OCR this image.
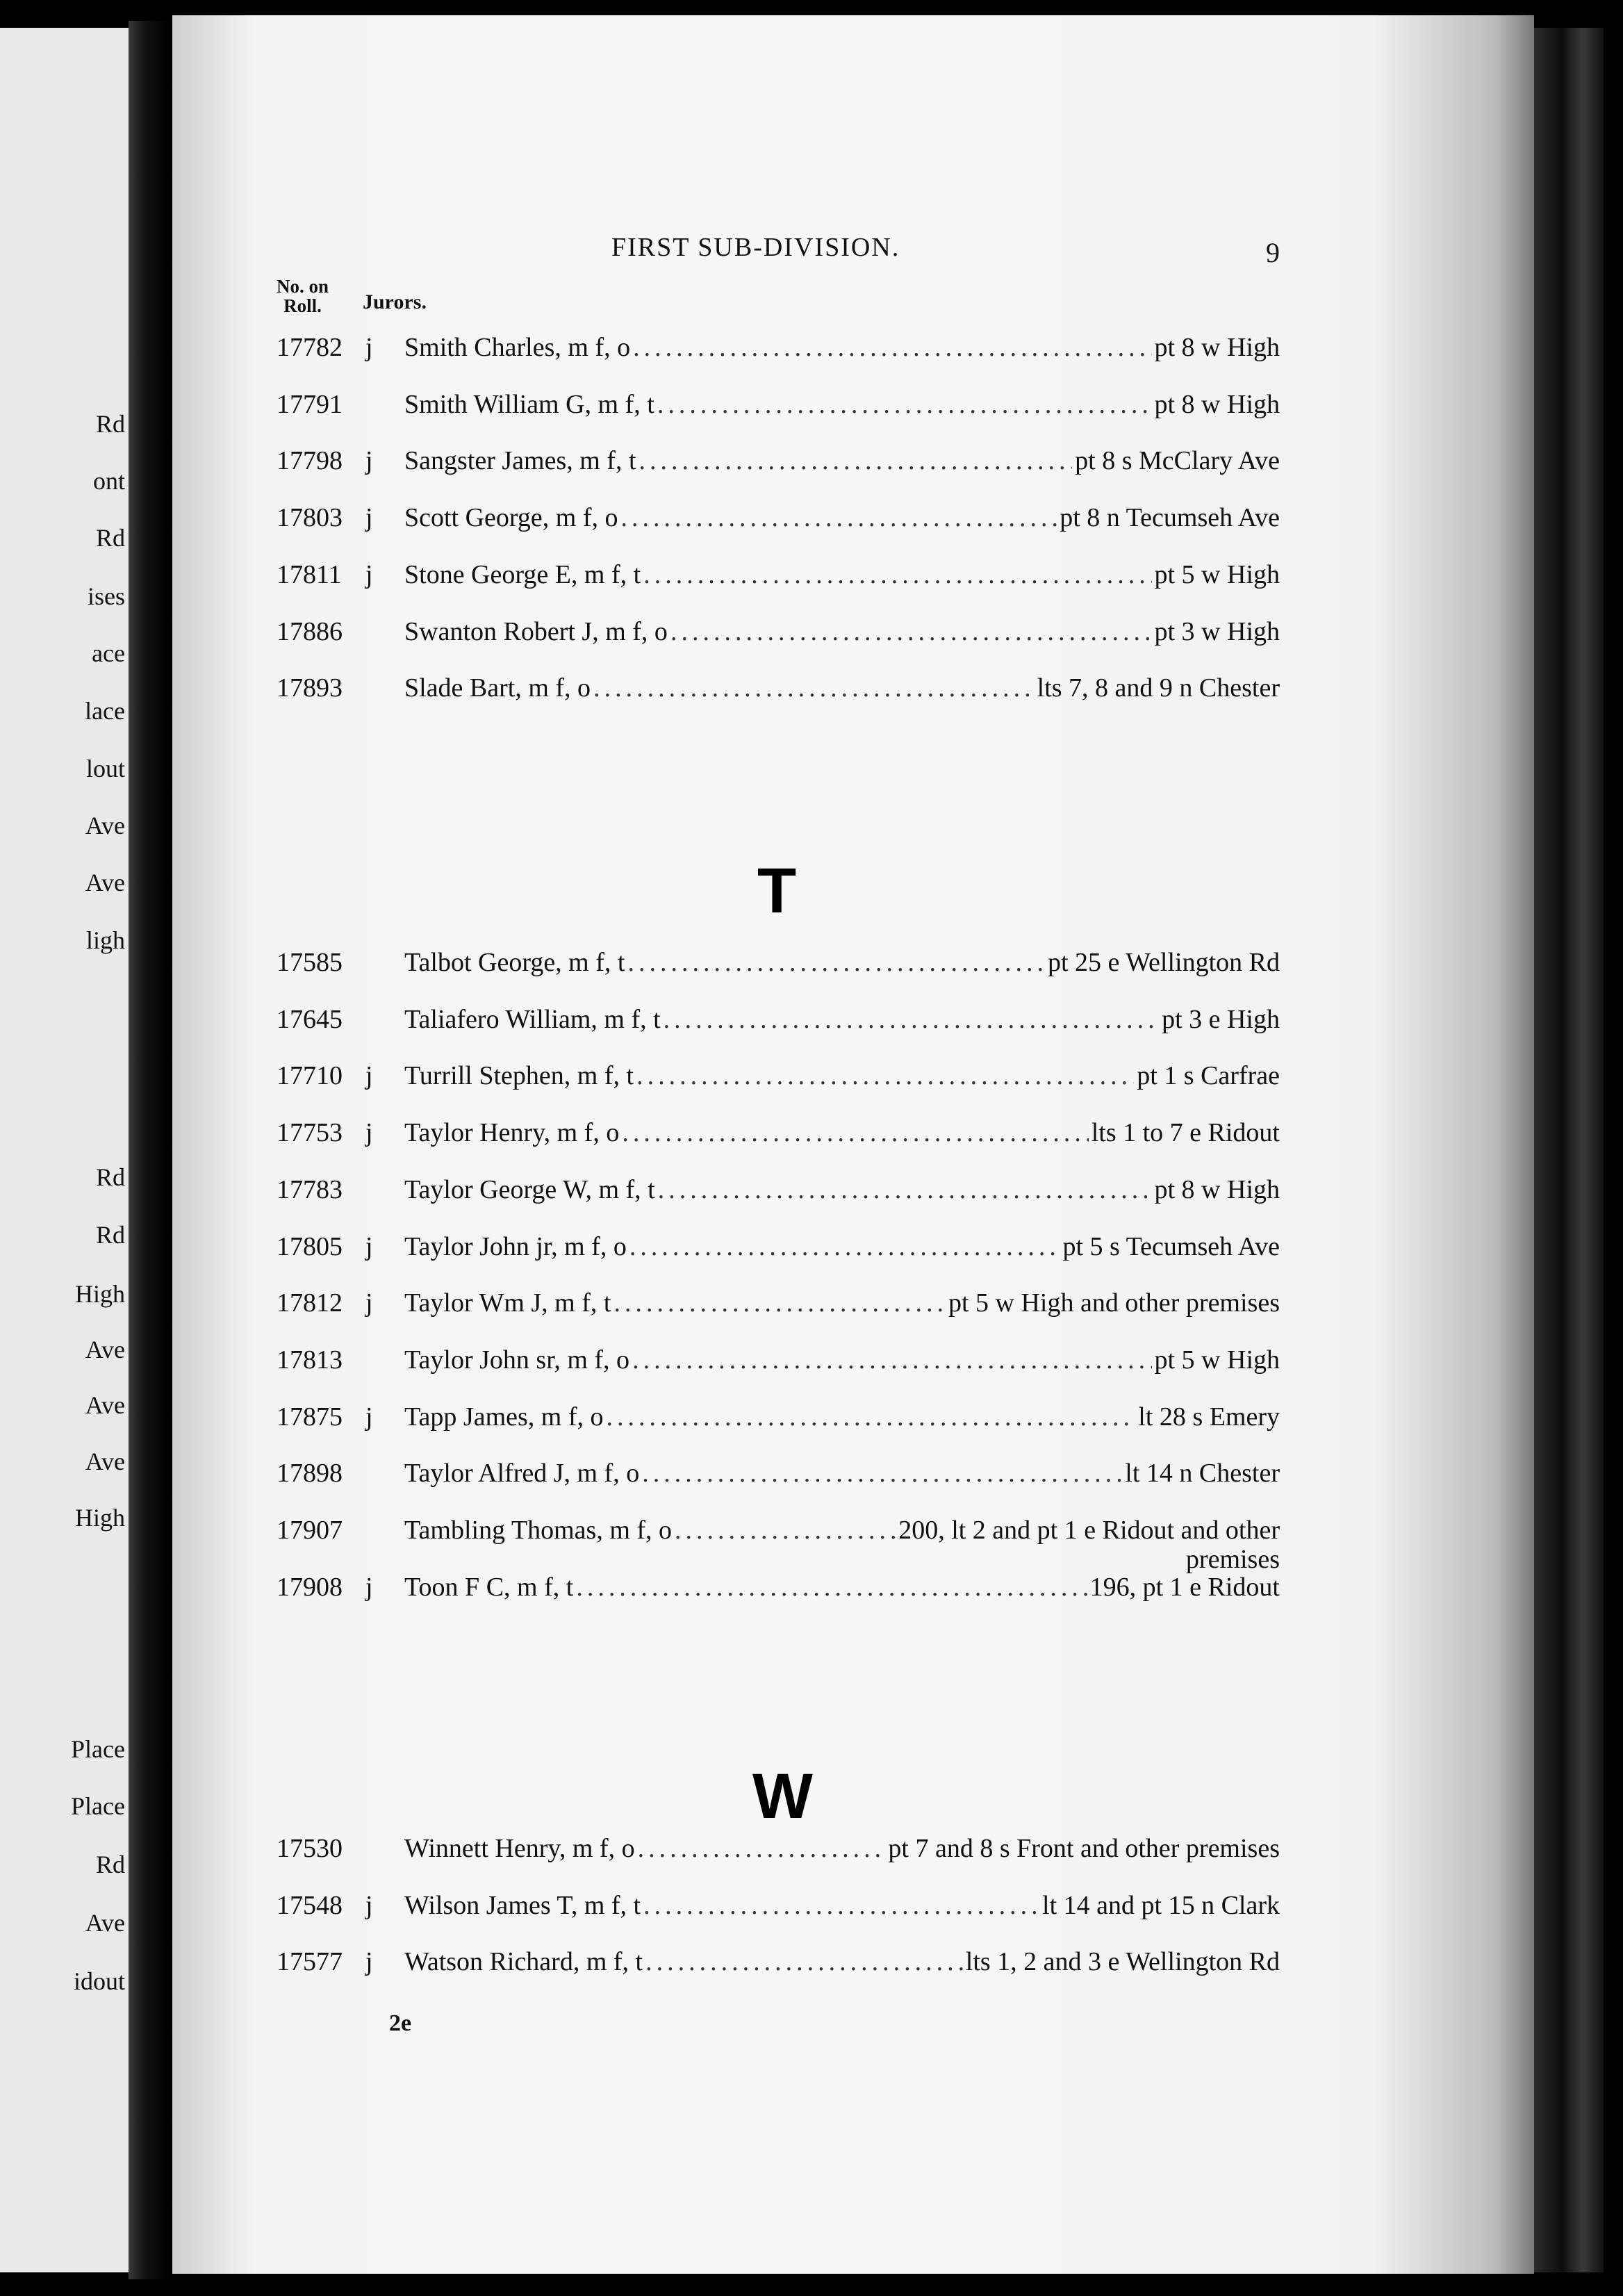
Rd
ont
Rd
ises
ace
lace
lout
Ave
Ave
ligh
Rd
Rd
High
Ave
Ave
Ave
High
Place
Place
Rd
Ave
idout
FIRST SUB-DIVISION.	9
No. on
Roll.	Jurors.
17782 j Smith Charles, m f, o .....	pt 8 w High
17791 Smith William G, m f, t .....	pt 8 w High
17798 j Sangster James, m f, t .....	pt 8 s McClary Ave
17803 j Scott George, m f, o .....	pt 8 n Tecumseh Ave
17811 j Stone George E, m f, t .....	pt 5 w High
17886 Swanton Robert J, m f, o .....	pt 3 w High
17893 Slade Bart, m f, o .....	lts 7, 8 and 9 n Chester
T
17585 Talbot George, m f, t .....	pt 25 e Wellington Rd
17645 Taliafero William, m f, t .....	pt 3 e High
17710 j Turrill Stephen, m f, t .....	pt 1 s Carfrae
17753 j Taylor Henry, m f, o .....	lts 1 to 7 e Ridout
17783 Taylor George W, m f, t .....	pt 8 w High
17805 j Taylor John jr, m f, o .....	pt 5 s Tecumseh Ave
17812 j Taylor Wm J, m f, t .....	pt 5 w High and other premises
17813 Taylor John sr, m f, o .....	pt 5 w High
17875 j Tapp James, m f, o .....	lt 28 s Emery
17898 Taylor Alfred J, m f, o .....	lt 14 n Chester
17907 Tambling Thomas, m f, o .....	200, lt 2 and pt 1 e Ridout and other
premises
17908 j Toon F C, m f, t .....	196, pt 1 e Ridout
W
17530 Winnett Henry, m f, o .....	pt 7 and 8 s Front and other premises
17548 j Wilson James T, m f, t .....	lt 14 and pt 15 n Clark
17577 j Watson Richard, m f, t .....	lts 1, 2 and 3 e Wellington Rd
2e
